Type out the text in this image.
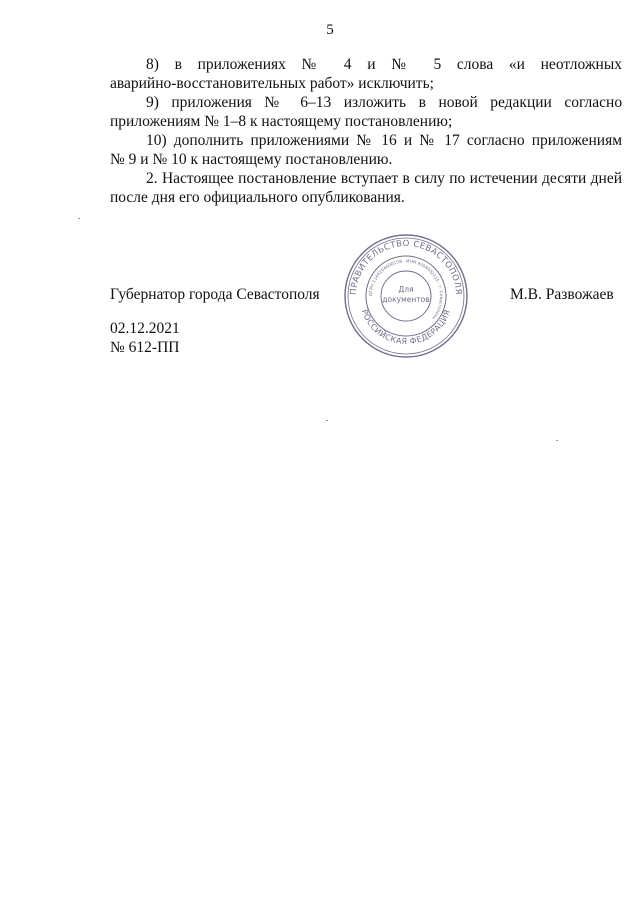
5

8) в приложениях № 4 и № 5 слова «и неотложных

аварийно-восстановительных работ» исключить;

9) приложения № 6–13 изложить в новой редакции согласно

приложениям № 1–8 к настоящему постановлению;

10) дополнить приложениями № 16 и № 17 согласно приложениям

№ 9 и № 10 к настоящему постановлению.

2. Настоящее постановление вступает в силу по истечении десяти дней

после дня его официального опубликования.

Губернатор города Севастополя	ПРАВИТЕЛЬСТВО СЕВАСТОПОЛЯ
РОССИЙСКАЯ ФЕДЕРАЦИЯ
ОГРН 1149204000159 · ИНН 9204002115 · г. Севастополь
Для
документов	М.В. Развожаев
02.12.2021
№ 612-ПП
